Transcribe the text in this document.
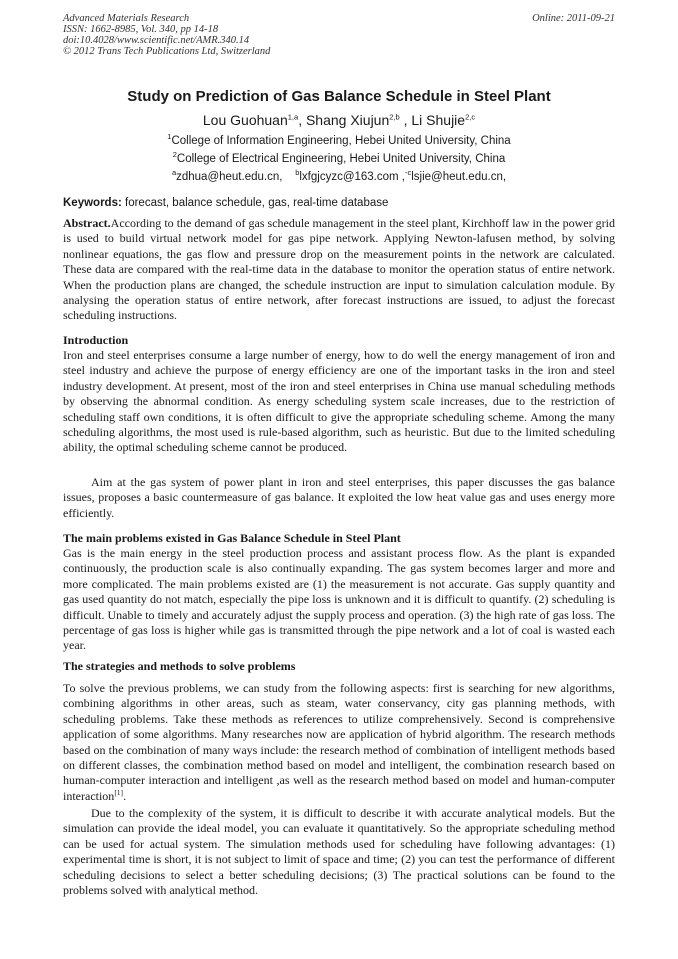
Advanced Materials Research
ISSN: 1662-8985, Vol. 340, pp 14-18
doi:10.4028/www.scientific.net/AMR.340.14
© 2012 Trans Tech Publications Ltd, Switzerland
Online: 2011-09-21
Study on Prediction of Gas Balance Schedule in Steel Plant
Lou Guohuan$^{1,a}$, Shang Xiujun$^{2,b}$ , Li Shujie$^{2,c}$
$^1$College of Information Engineering, Hebei United University, China
$^2$College of Electrical Engineering, Hebei United University, China
$^a$zdhua@heut.edu.cn, $^b$lxfgjcyzc@163.com ,$^{-c}$lsjie@heut.edu.cn,
Keywords: forecast, balance schedule, gas, real-time database

Abstract.According to the demand of gas schedule management in the steel plant, Kirchhoff law in the power grid is used to build virtual network model for gas pipe network. Applying Newton-lafusen method, by solving nonlinear equations, the gas flow and pressure drop on the measurement points in the network are calculated. These data are compared with the real-time data in the database to monitor the operation status of entire network. When the production plans are changed, the schedule instruction are input to simulation calculation module. By analysing the operation status of entire network, after forecast instructions are issued, to adjust the forecast scheduling instructions.

Introduction

Iron and steel enterprises consume a large number of energy, how to do well the energy management of iron and steel industry and achieve the purpose of energy efficiency are one of the important tasks in the iron and steel industry development. At present, most of the iron and steel enterprises in China use manual scheduling methods by observing the abnormal condition. As energy scheduling system scale increases, due to the restriction of scheduling staff own conditions, it is often difficult to give the appropriate scheduling scheme. Among the many scheduling algorithms, the most used is rule-based algorithm, such as heuristic. But due to the limited scheduling ability, the optimal scheduling scheme cannot be produced.

Aim at the gas system of power plant in iron and steel enterprises, this paper discusses the gas balance issues, proposes a basic countermeasure of gas balance. It exploited the low heat value gas and uses energy more efficiently.

The main problems existed in Gas Balance Schedule in Steel Plant

Gas is the main energy in the steel production process and assistant process flow. As the plant is expanded continuously, the production scale is also continually expanding. The gas system becomes larger and more and more complicated. The main problems existed are (1) the measurement is not accurate. Gas supply quantity and gas used quantity do not match, especially the pipe loss is unknown and it is difficult to quantify. (2) scheduling is difficult. Unable to timely and accurately adjust the supply process and operation. (3) the high rate of gas loss. The percentage of gas loss is higher while gas is transmitted through the pipe network and a lot of coal is wasted each year.

The strategies and methods to solve problems

To solve the previous problems, we can study from the following aspects: first is searching for new algorithms, combining algorithms in other areas, such as steam, water conservancy, city gas planning methods, with scheduling problems. Take these methods as references to utilize comprehensively. Second is comprehensive application of some algorithms. Many researches now are application of hybrid algorithm. The research methods based on the combination of many ways include: the research method of combination of intelligent methods based on different classes, the combination method based on model and intelligent, the combination research based on human-computer interaction and intelligent ,as well as the research method based on model and human-computer interaction[1].

Due to the complexity of the system, it is difficult to describe it with accurate analytical models. But the simulation can provide the ideal model, you can evaluate it quantitatively. So the appropriate scheduling method can be used for actual system. The simulation methods used for scheduling have following advantages: (1) experimental time is short, it is not subject to limit of space and time; (2) you can test the performance of different scheduling decisions to select a better scheduling decisions; (3) The practical solutions can be found to the problems solved with analytical method.
